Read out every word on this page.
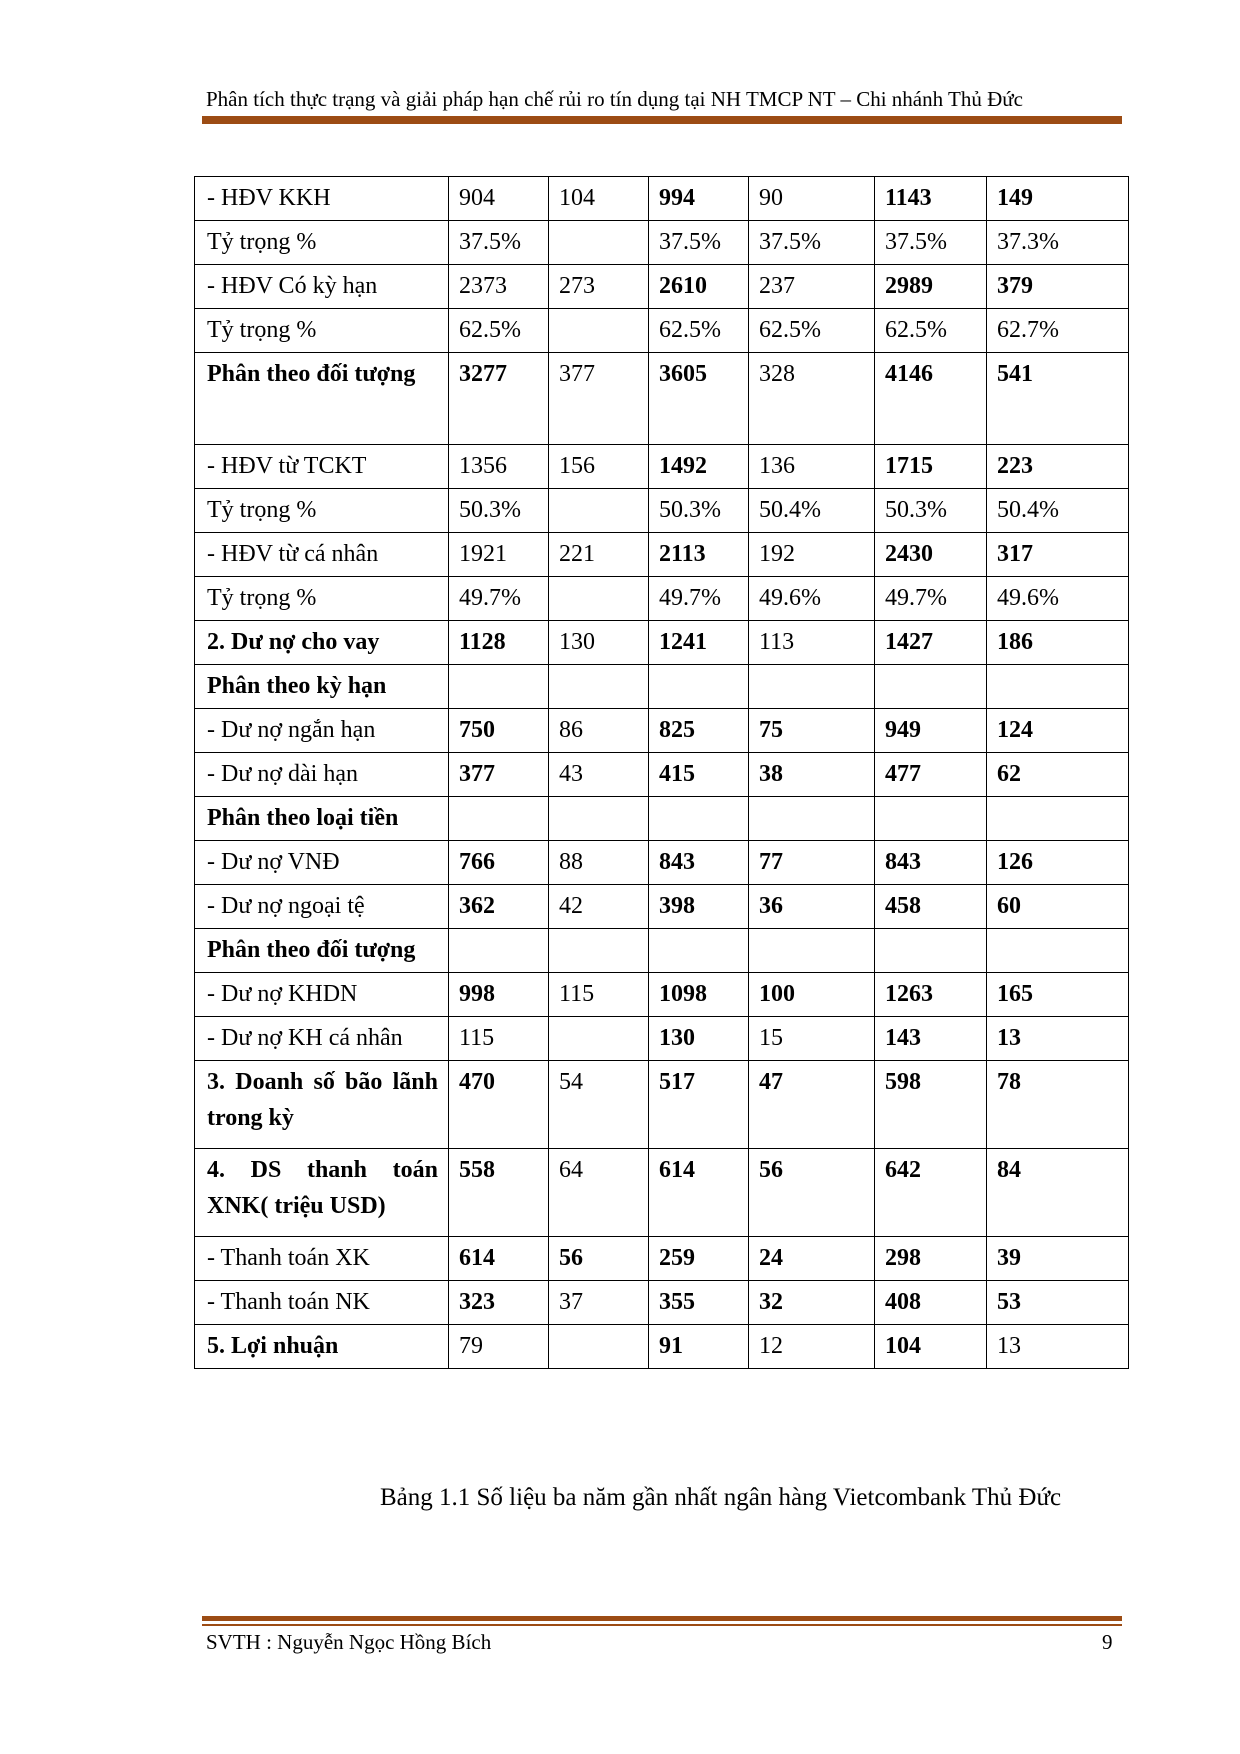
Phân tích thực trạng và giải pháp hạn chế rủi ro tín dụng tại NH TMCP NT – Chi nhánh Thủ Đức
- HĐV KKH	904	104	994	90	1143	149
Tỷ trọng %	37.5%		37.5%	37.5%	37.5%	37.3%
- HĐV Có kỳ hạn	2373	273	2610	237	2989	379
Tỷ trọng %	62.5%		62.5%	62.5%	62.5%	62.7%
Phân theo đối tượng	3277	377	3605	328	4146	541
- HĐV từ TCKT	1356	156	1492	136	1715	223
Tỷ trọng %	50.3%		50.3%	50.4%	50.3%	50.4%
- HĐV từ cá nhân	1921	221	2113	192	2430	317
Tỷ trọng %	49.7%		49.7%	49.6%	49.7%	49.6%
2. Dư nợ cho vay	1128	130	1241	113	1427	186
Phân theo kỳ hạn						
- Dư nợ ngắn hạn	750	86	825	75	949	124
- Dư nợ dài hạn	377	43	415	38	477	62
Phân theo loại tiền						
- Dư nợ VNĐ	766	88	843	77	843	126
- Dư nợ ngoại tệ	362	42	398	36	458	60
Phân theo đối tượng						
- Dư nợ KHDN	998	115	1098	100	1263	165
- Dư nợ KH cá nhân	115		130	15	143	13
3. Doanh số bão lãnh trong kỳ	470	54	517	47	598	78
4. DS thanh toán XNK( triệu USD)	558	64	614	56	642	84
- Thanh toán XK	614	56	259	24	298	39
- Thanh toán NK	323	37	355	32	408	53
5. Lợi nhuận	79		91	12	104	13
Bảng 1.1 Số liệu ba năm gần nhất ngân hàng Vietcombank Thủ Đức
SVTH : Nguyễn Ngọc Hồng Bích	9
